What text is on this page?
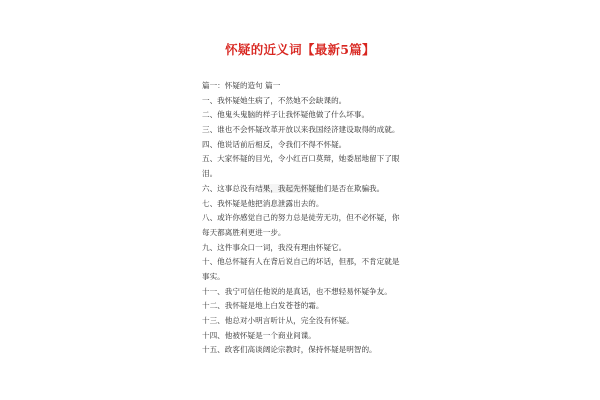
怀疑的近义词【最新5篇】
篇一：怀疑的造句 篇一
一、我怀疑她生病了，不然她不会缺课的。
二、他鬼头鬼脑的样子让我怀疑他做了什么坏事。
三、谁也不会怀疑改革开放以来我国经济建设取得的成就。
四、他说话前后相反，令我们不得不怀疑。
五、大家怀疑的目光，令小红百口莫辩，她委屈地留下了眼
泪。
六、这事总没有结果，我起先怀疑他们是否在欺骗我。
七、我怀疑是他把消息泄露出去的。
八、或许你感觉自己的努力总是徒劳无功，但不必怀疑，你
每天都离胜利更进一步。
九、这件事众口一词，我没有理由怀疑它。
十、他总怀疑有人在背后说自己的坏话，但那，不肯定就是
事实。
十一、我宁可信任他说的是真话，也不想轻易怀疑争友。
十二、我怀疑是地上白发苍苍的霜。
十三、他总对小明言听计从，完全没有怀疑。
十四、他被怀疑是一个商业间谍。
十五、政客们高谈阔论宗教时，保持怀疑是明智的。
